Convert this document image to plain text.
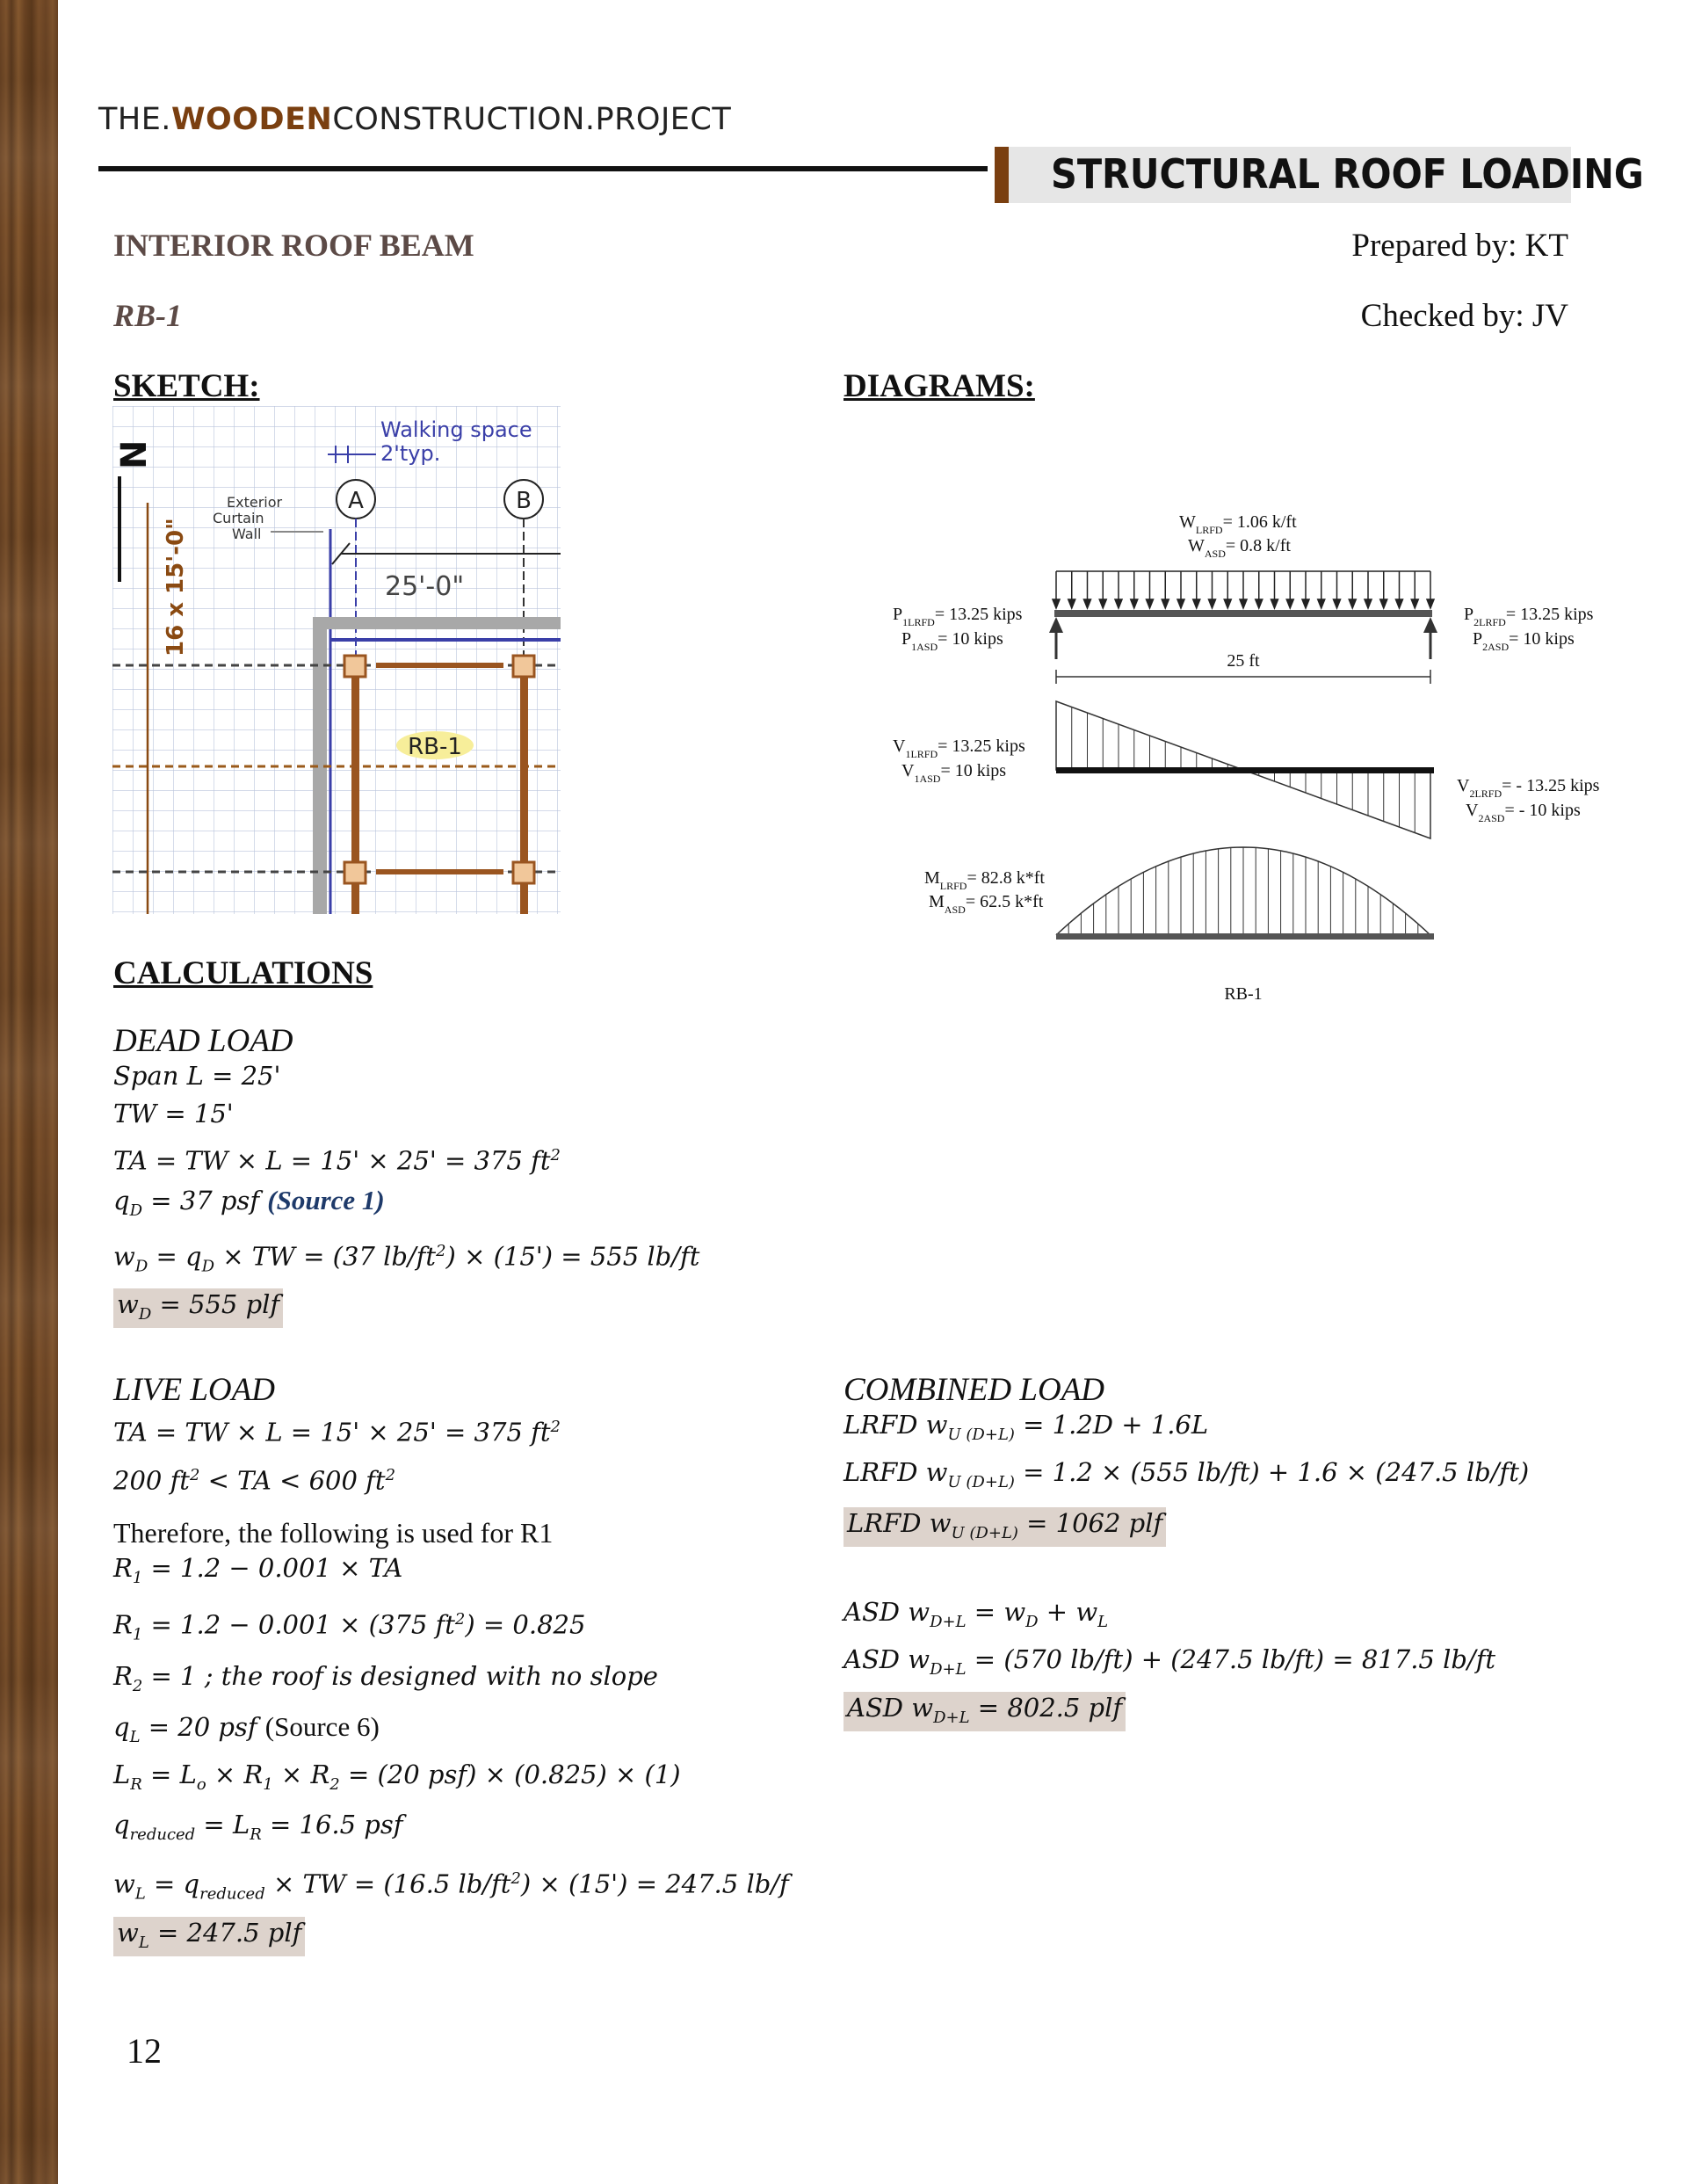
THE.WOODENCONSTRUCTION.PROJECT
STRUCTURAL ROOF LOADING
INTERIOR ROOF BEAM
RB-1
Prepared by: KT
Checked by: JV
SKETCH:	DIAGRAMS:
N
Walking space
2'typ.
A	B
Exterior
Curtain
Wall
25'-0"
16 x 15'-0"
RB-1
$W_{LRFD}= 1.06$ k/ft
$W_{ASD}= 0.8$ k/ft
$P_{1LRFD}= 13.25$ kips
$P_{1ASD}= 10$ kips
$P_{2LRFD}= 13.25$ kips
$P_{2ASD}= 10$ kips
25 ft
$V_{1LRFD}= 13.25$ kips
$V_{1ASD}= 10$ kips
$V_{2LRFD}= - 13.25$ kips
$V_{2ASD}= - 10$ kips
$M_{LRFD}= 82.8$ k*ft
$M_{ASD}= 62.5$ k*ft
RB-1
CALCULATIONS
DEAD LOAD
Span L = 25'
TW = 15'
TA = TW × L = 15' × 25' = 375 $ft^2$
$q_D = 37$ psf (Source 1)
$w_D = q_D$ × TW = (37 $lb/ft^2) \times (15') = 555$ lb/ft
$w_D = 555$ plf
LIVE LOAD
TA = TW × L = 15' × 25' = 375 $ft^2$
200 $ft^2$ < TA < 600 $ft^2$
Therefore, the following is used for R1
$R_1 = 1.2 - 0.001$ × TA
$R_1 = 1.2 - 0.001 \times (375$ $ft^2) = 0.825$
$R_2 = 1$ ; the roof is designed with no slope
$q_L = 20$ psf (Source 6)
$L_R = L_o \times R_1 \times R_2 = (20$ psf) × (0.825) × (1)
$q_{reduced} = L_R = 16.5$ psf
$w_L = q_{reduced}$ × TW = (16.5 $lb/ft^2) \times (15') = 247.5$ lb/f
$w_L = 247.5$ plf
COMBINED LOAD
LRFD $w_{U (D+L)} = 1.2D + 1.6L$
LRFD $w_{U (D+L)} = 1.2 \times (555$ lb/ft) + 1.6 × (247.5 lb/ft)
LRFD $w_{U (D+L)} = 1062$ plf
ASD $w_{D+L} = w_D + w_L$
ASD $w_{D+L} = (570$ lb/ft) + (247.5 lb/ft) = 817.5 lb/ft
ASD $w_{D+L} = 802.5$ plf
12
